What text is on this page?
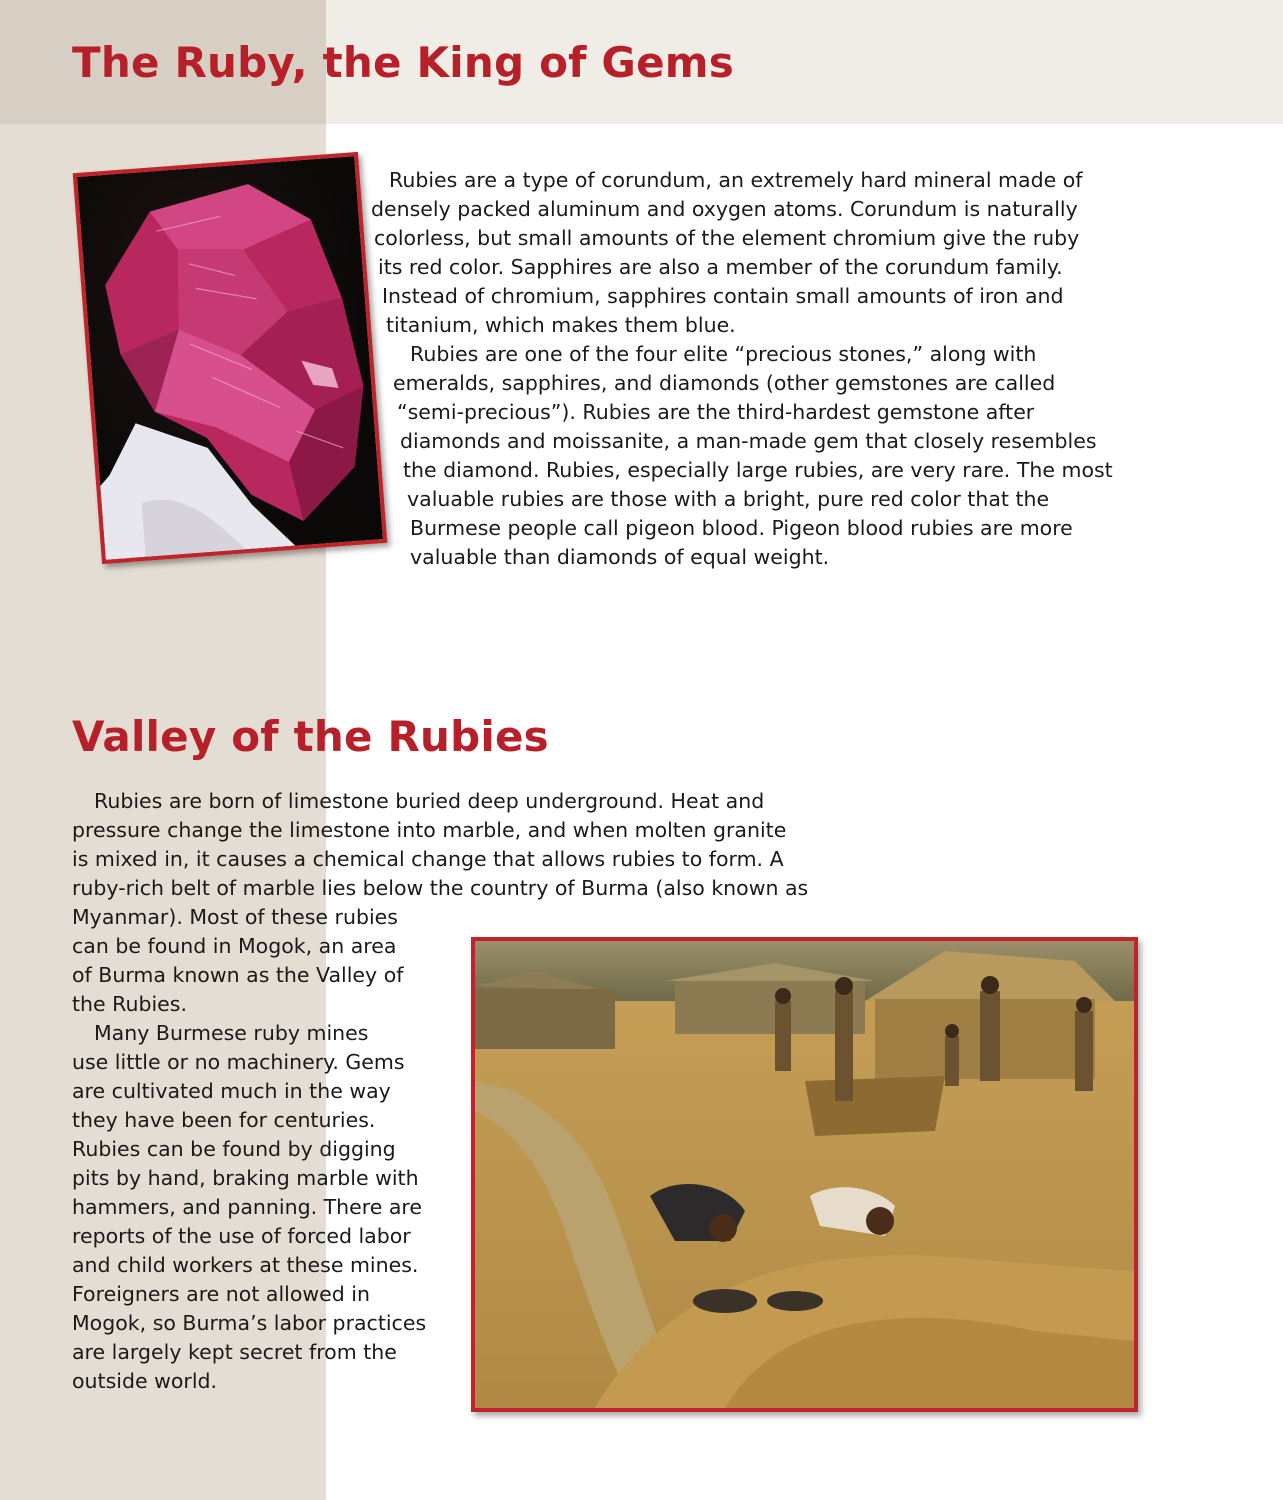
The Ruby, the King of Gems
Rubies are a type of corundum, an extremely hard mineral made of
densely packed aluminum and oxygen atoms. Corundum is naturally
colorless, but small amounts of the element chromium give the ruby
its red color. Sapphires are also a member of the corundum family.
Instead of chromium, sapphires contain small amounts of iron and
titanium, which makes them blue.
Rubies are one of the four elite “precious stones,” along with
emeralds, sapphires, and diamonds (other gemstones are called
“semi-precious”). Rubies are the third-hardest gemstone after
diamonds and moissanite, a man-made gem that closely resembles
the diamond. Rubies, especially large rubies, are very rare. The most
valuable rubies are those with a bright, pure red color that the
Burmese people call pigeon blood. Pigeon blood rubies are more
valuable than diamonds of equal weight.
Valley of the Rubies
Rubies are born of limestone buried deep underground. Heat and
pressure change the limestone into marble, and when molten granite
is mixed in, it causes a chemical change that allows rubies to form. A
ruby-rich belt of marble lies below the country of Burma (also known as
Myanmar). Most of these rubies
can be found in Mogok, an area
of Burma known as the Valley of
the Rubies.
Many Burmese ruby mines
use little or no machinery. Gems
are cultivated much in the way
they have been for centuries.
Rubies can be found by digging
pits by hand, braking marble with
hammers, and panning. There are
reports of the use of forced labor
and child workers at these mines.
Foreigners are not allowed in
Mogok, so Burma’s labor practices
are largely kept secret from the
outside world.
